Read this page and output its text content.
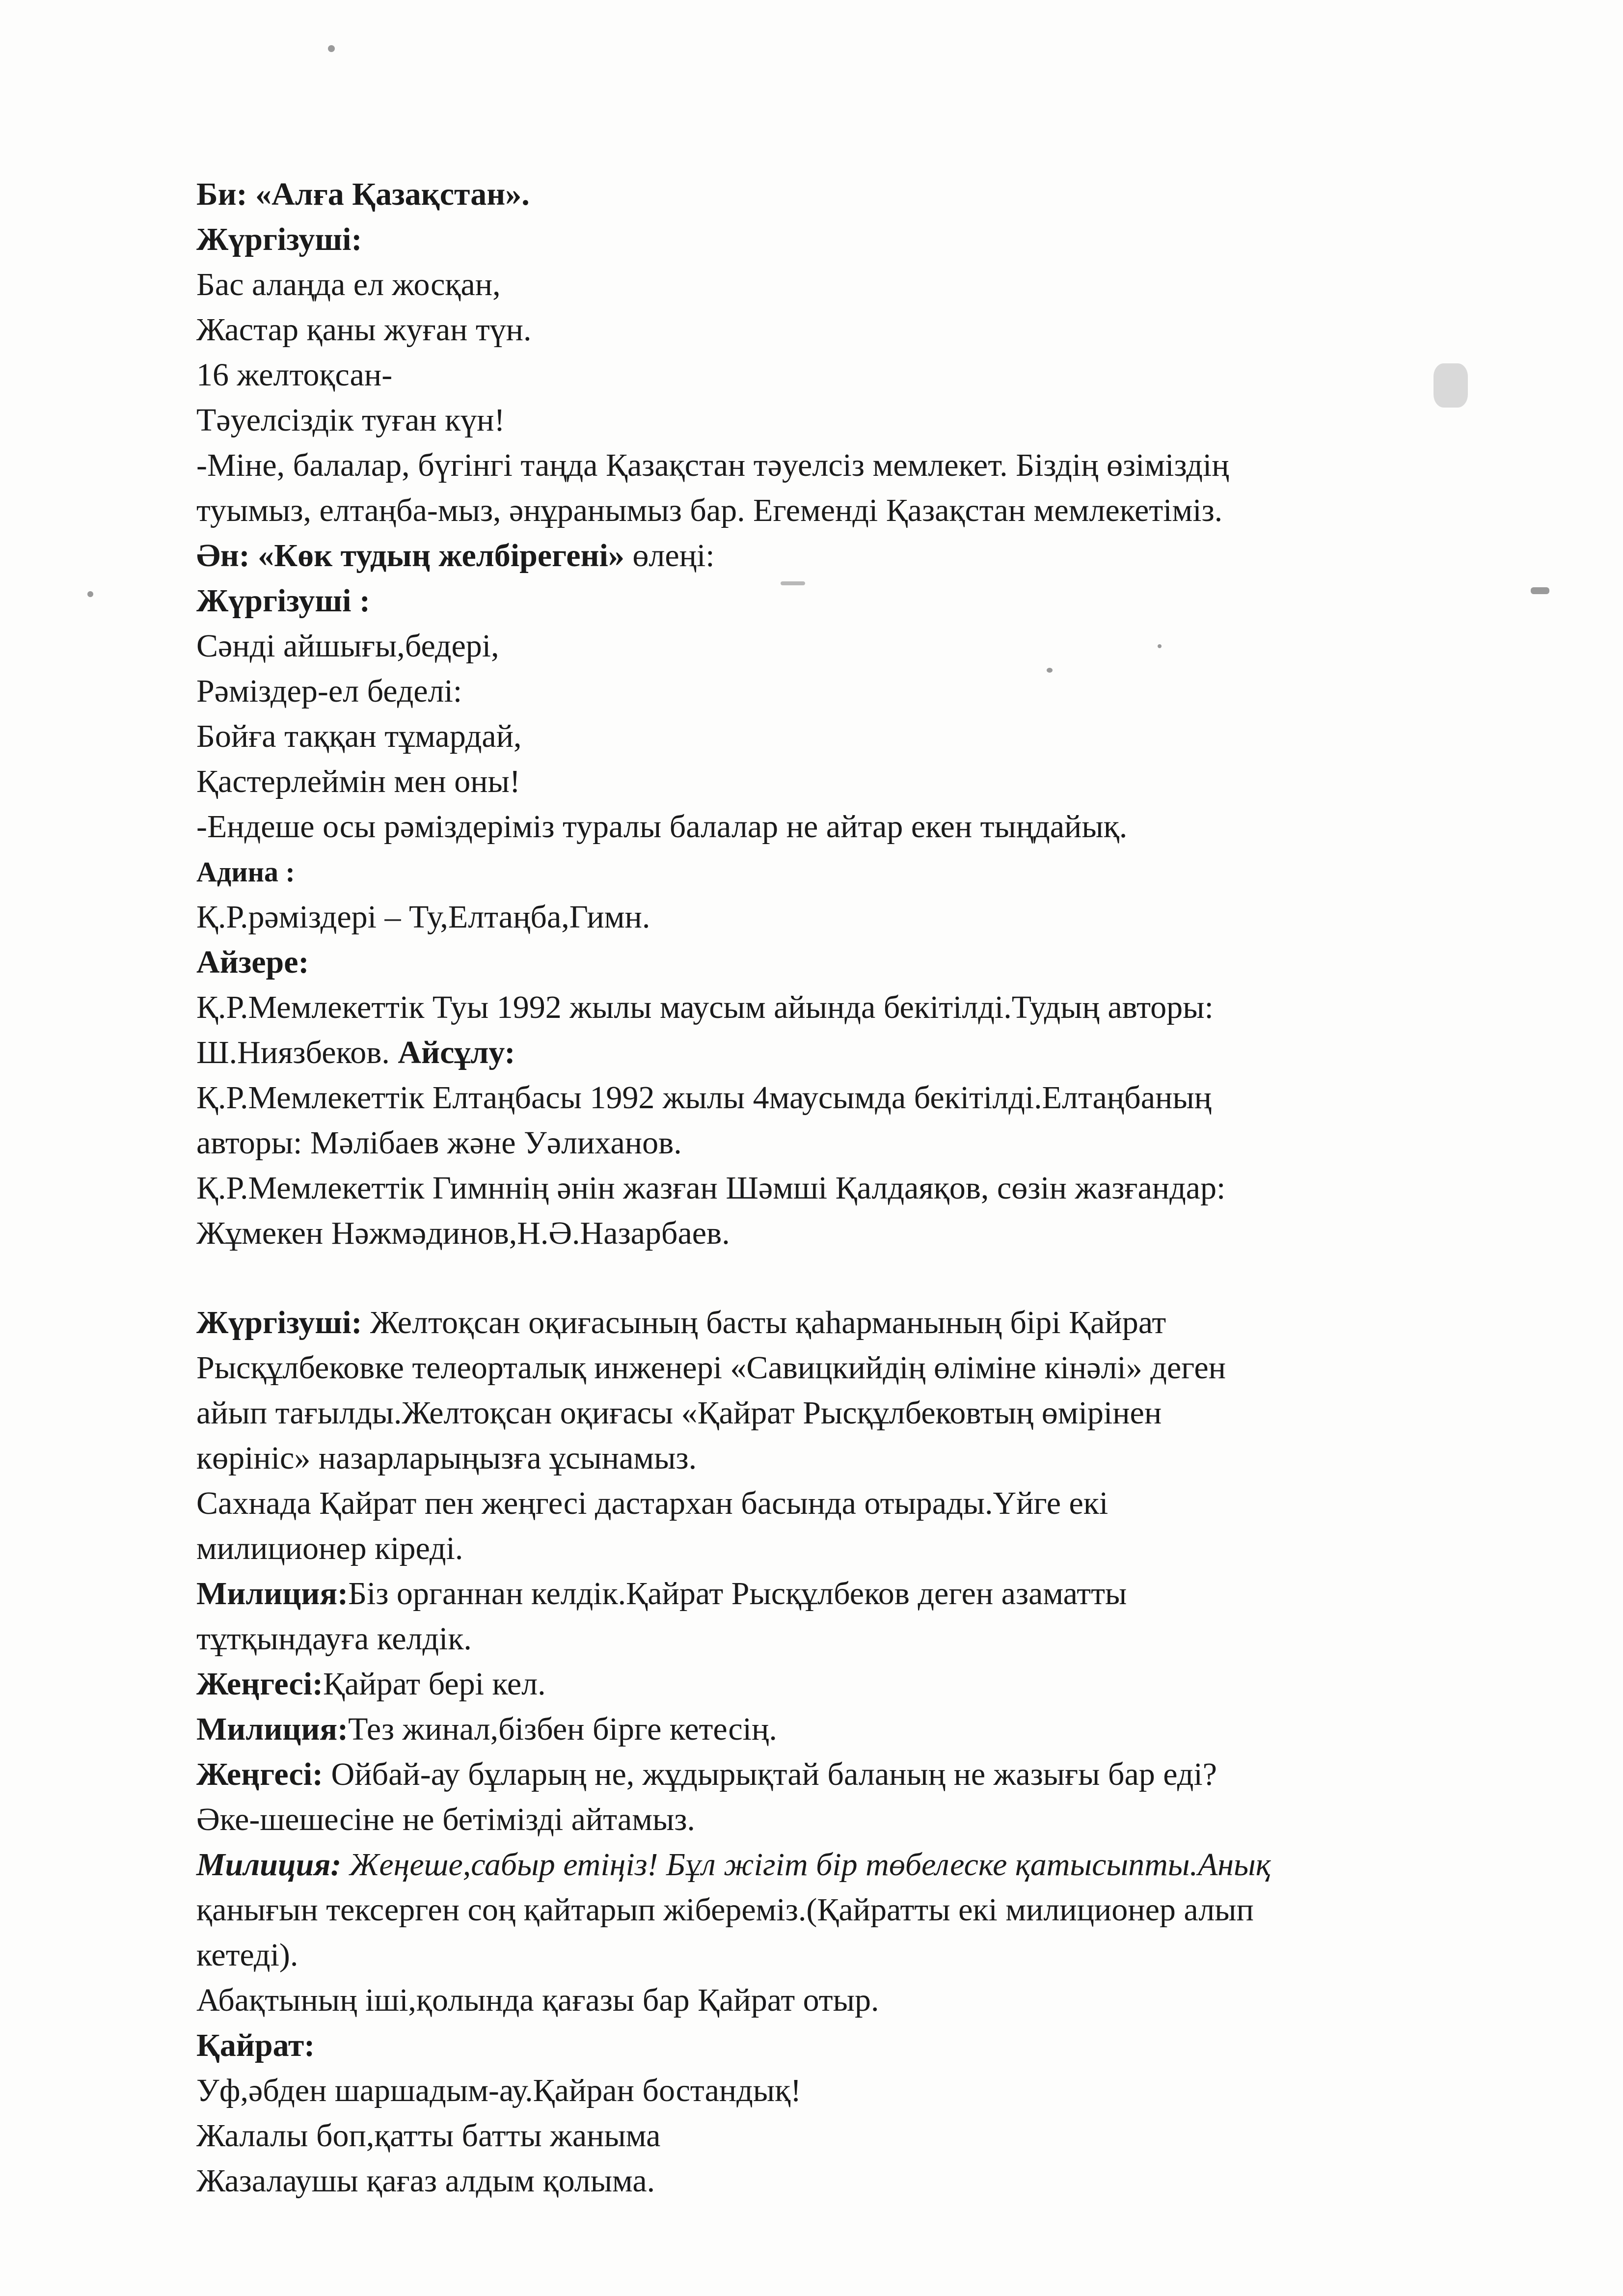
Би: «Алға Қазақстан».
Жүргізуші:
Бас алаңда ел жосқан,
Жастар қаны жуған түн.
16 желтоқсан-
Тәуелсіздік туған күн!
-Міне, балалар, бүгінгі таңда Қазақстан тәуелсіз мемлекет. Біздің өзіміздің
туымыз, елтаңба-мыз, әнұранымыз бар. Егеменді Қазақстан мемлекетіміз.
Ән: «Көк тудың желбірегені» өлеңі:
Жүргізуші :
Сәнді айшығы,бедері,
Рәміздер-ел беделі:
Бойға таққан тұмардай,
Қастерлеймін мен оны!
-Ендеше осы рәміздеріміз туралы балалар не айтар екен тыңдайық.
Адина :
Қ.Р.рәміздері – Ту,Елтаңба,Гимн.
Айзере:
Қ.Р.Мемлекеттік Туы 1992 жылы маусым айында бекітілді.Тудың авторы:
Ш.Ниязбеков. Айсұлу:
Қ.Р.Мемлекеттік Елтаңбасы 1992 жылы 4маусымда бекітілді.Елтаңбаның
авторы: Мәлібаев және Уәлиханов.
Қ.Р.Мемлекеттік Гимннің әнін жазған Шәмші Қалдаяқов, сөзін жазғандар:
Жұмекен Нәжмәдинов,Н.Ә.Назарбаев.
Жүргізуші: Желтоқсан оқиғасының басты қаһарманының бірі Қайрат
Рысқұлбековке телеорталық инженері «Савицкийдің өліміне кінәлі» деген
айып тағылды.Желтоқсан оқиғасы «Қайрат Рысқұлбековтың өмірінен
көрініс» назарларыңызға ұсынамыз.
Сахнада Қайрат пен жеңгесі дастархан басында отырады.Үйге екі
милиционер кіреді.
Милиция:Біз органнан келдік.Қайрат Рысқұлбеков деген азаматты
тұтқындауға келдік.
Жеңгесі:Қайрат бері кел.
Милиция:Тез жинал,бізбен бірге кетесің.
Жеңгесі: Ойбай-ау бұларың не, жұдырықтай баланың не жазығы бар еді?
Әке-шешесіне не бетімізді айтамыз.
Милиция: Жеңеше,сабыр етіңіз! Бұл жігіт бір төбелеске қатысыпты.Анық
қанығын тексерген соң қайтарып жібереміз.(Қайратты екі милиционер алып
кетеді).
Абақтының іші,қолында қағазы бар Қайрат отыр.
Қайрат:
Уф,әбден шаршадым-ау.Қайран бостандық!
Жалалы боп,қатты батты жаныма
Жазалаушы қағаз алдым қолыма.
